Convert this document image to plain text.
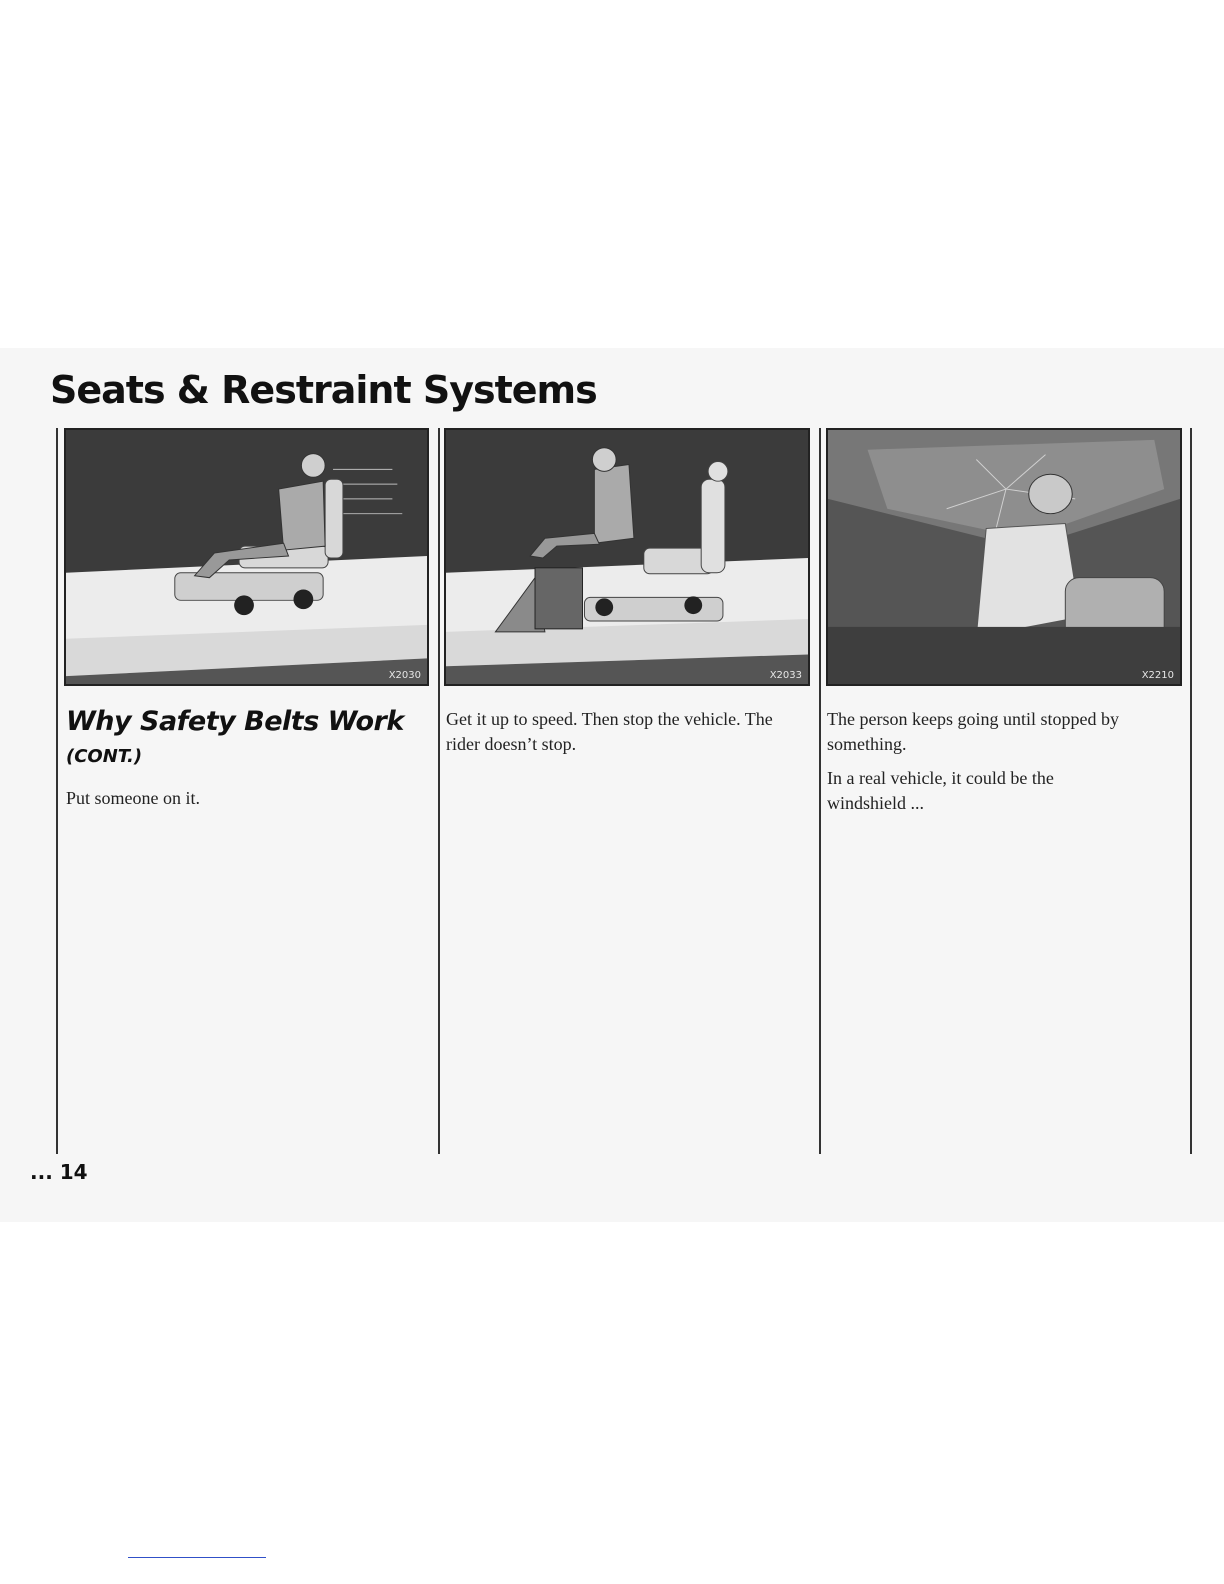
Seats & Restraint Systems
X2030	X2033	X2210
Why Safety Belts Work
(CONT.)

Put someone on it.

Get it up to speed. Then stop the vehicle. The rider doesn’t stop.

The person keeps going until stopped by something.

In a real vehicle, it could be the windshield ...

... 14
